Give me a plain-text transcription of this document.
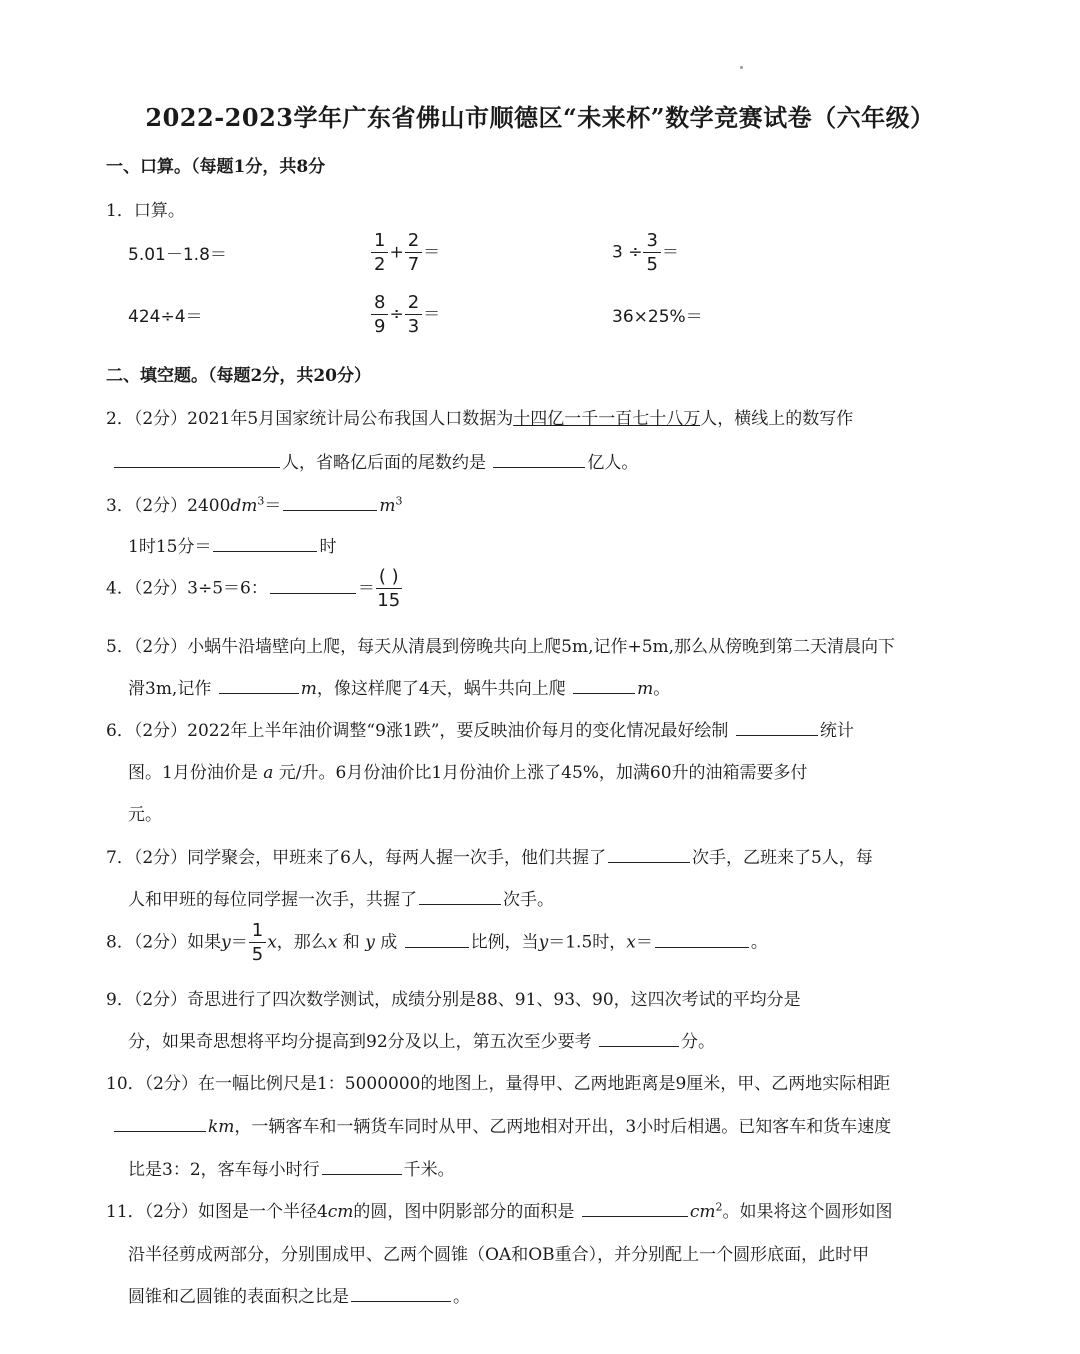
2022-2023学年广东省佛山市顺德区“未来杯”数学竞赛试卷（六年级）
一、口算。（每题1分，共8分
1．口算。
5.01－1.8＝	$\frac{1}{2} + \frac{2}{7}$ ＝	$3 \div \frac{3}{5}$ ＝
424÷4＝	$\frac{8}{9} \div \frac{2}{3}$ ＝	36×25%＝
二、填空题。（每题2分，共20分）
2．（2分）2021年5月国家统计局公布我国人口数据为十四亿一千一百七十八万人，横线上的数写作
人，省略亿后面的尾数约是	亿人。
3．（2分）$2400dm^3=$	$m^3$
1时15分＝	时
4．（2分）3÷5＝6：	＝ $\frac{( )}{15}$
5．（2分）小蜗牛沿墙壁向上爬，每天从清晨到傍晚共向上爬5m,记作+5m,那么从傍晚到第二天清晨向下
滑3m,记作	m，像这样爬了4天，蜗牛共向上爬	m。
6．（2分）2022年上半年油价调整“9涨1跌”，要反映油价每月的变化情况最好绘制	统计
图。1月份油价是 a 元/升。6月份油价比1月份油价上涨了45%，加满60升的油箱需要多付
元。
7．（2分）同学聚会，甲班来了6人，每两人握一次手，他们共握了	次手，乙班来了5人，每
人和甲班的每位同学握一次手，共握了	次手。
8．（2分）如果$y= \frac{1}{5}$ x，那么x 和 y 成	比例，当y＝1.5时，x＝	。
9．（2分）奇思进行了四次数学测试，成绩分别是88、91、93、90，这四次考试的平均分是
分，如果奇思想将平均分提高到92分及以上，第五次至少要考	分。
10．（2分）在一幅比例尺是1：5000000的地图上，量得甲、乙两地距离是9厘米，甲、乙两地实际相距
km，一辆客车和一辆货车同时从甲、乙两地相对开出，3小时后相遇。已知客车和货车速度
比是3：2，客车每小时行	千米。
11．（2分）如图是一个半径4cm的圆，图中阴影部分的面积是	$cm^2$。如果将这个圆形如图
沿半径剪成两部分，分别围成甲、乙两个圆锥（OA和OB重合），并分别配上一个圆形底面，此时甲
圆锥和乙圆锥的表面积之比是	。
